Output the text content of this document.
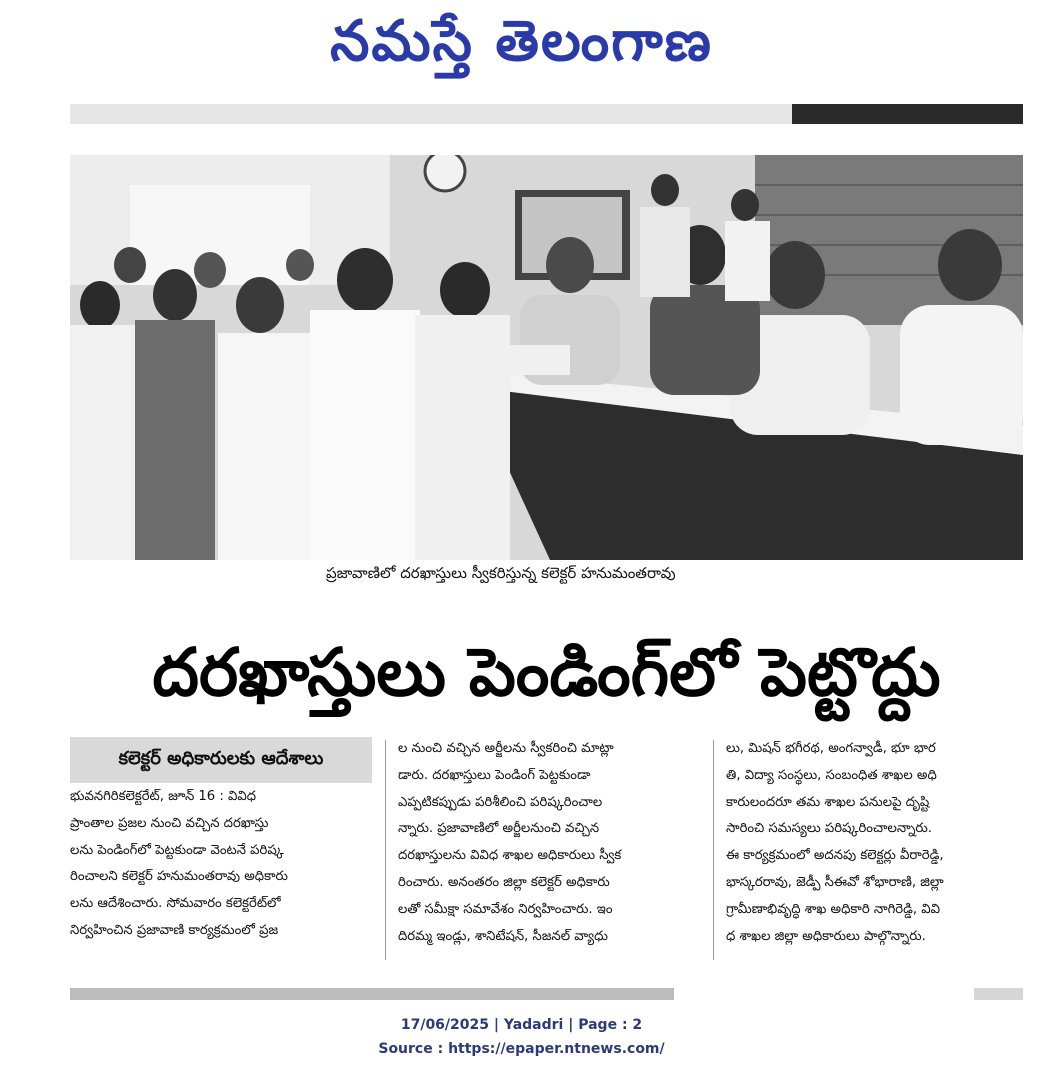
నమస్తే తెలంగాణ
ప్రజావాణిలో దరఖాస్తులు స్వీకరిస్తున్న కలెక్టర్ హనుమంతరావు
దరఖాస్తులు పెండింగ్‌లో పెట్టొద్దు
కలెక్టర్ అధికారులకు ఆదేశాలు
భువనగిరికలెక్టరేట్, జూన్ 16 : వివిధ
ప్రాంతాల ప్రజల నుంచి వచ్చిన దరఖాస్తు
లను పెండింగ్‌లో పెట్టకుండా వెంటనే పరిష్క
రించాలని కలెక్టర్ హనుమంతరావు అధికారు
లను ఆదేశించారు. సోమవారం కలెక్టరేట్‌లో
నిర్వహించిన ప్రజావాణి కార్యక్రమంలో ప్రజ
ల నుంచి వచ్చిన అర్జీలను స్వీకరించి మాట్లా
డారు. దరఖాస్తులు పెండింగ్ పెట్టకుండా
ఎప్పటికప్పుడు పరిశీలించి పరిష్కరించాల
న్నారు. ప్రజావాణిలో అర్జీలనుంచి వచ్చిన
దరఖాస్తులను వివిధ శాఖల అధికారులు స్వీక
రించారు. అనంతరం జిల్లా కలెక్టర్ అధికారు
లతో సమీక్షా సమావేశం నిర్వహించారు. ఇం
దిరమ్మ ఇండ్లు, శానిటేషన్, సీజనల్ వ్యాధు
లు, మిషన్ భగీరథ, అంగన్వాడీ, భూ భార
తి, విద్యా సంస్థలు, సంబంధిత శాఖల అధి
కారులందరూ తమ శాఖల పనులపై దృష్టి
సారించి సమస్యలు పరిష్కరించాలన్నారు.
ఈ కార్యక్రమంలో అదనపు కలెక్టర్లు వీరారెడ్డి,
భాస్కరరావు, జెడ్పీ సీఈవో శోభారాణి, జిల్లా
గ్రామీణాభివృద్ధి శాఖ అధికారి నాగిరెడ్డి, వివి
ధ శాఖల జిల్లా అధికారులు పాల్గొన్నారు.
17/06/2025 | Yadadri | Page : 2
Source : https://epaper.ntnews.com/
